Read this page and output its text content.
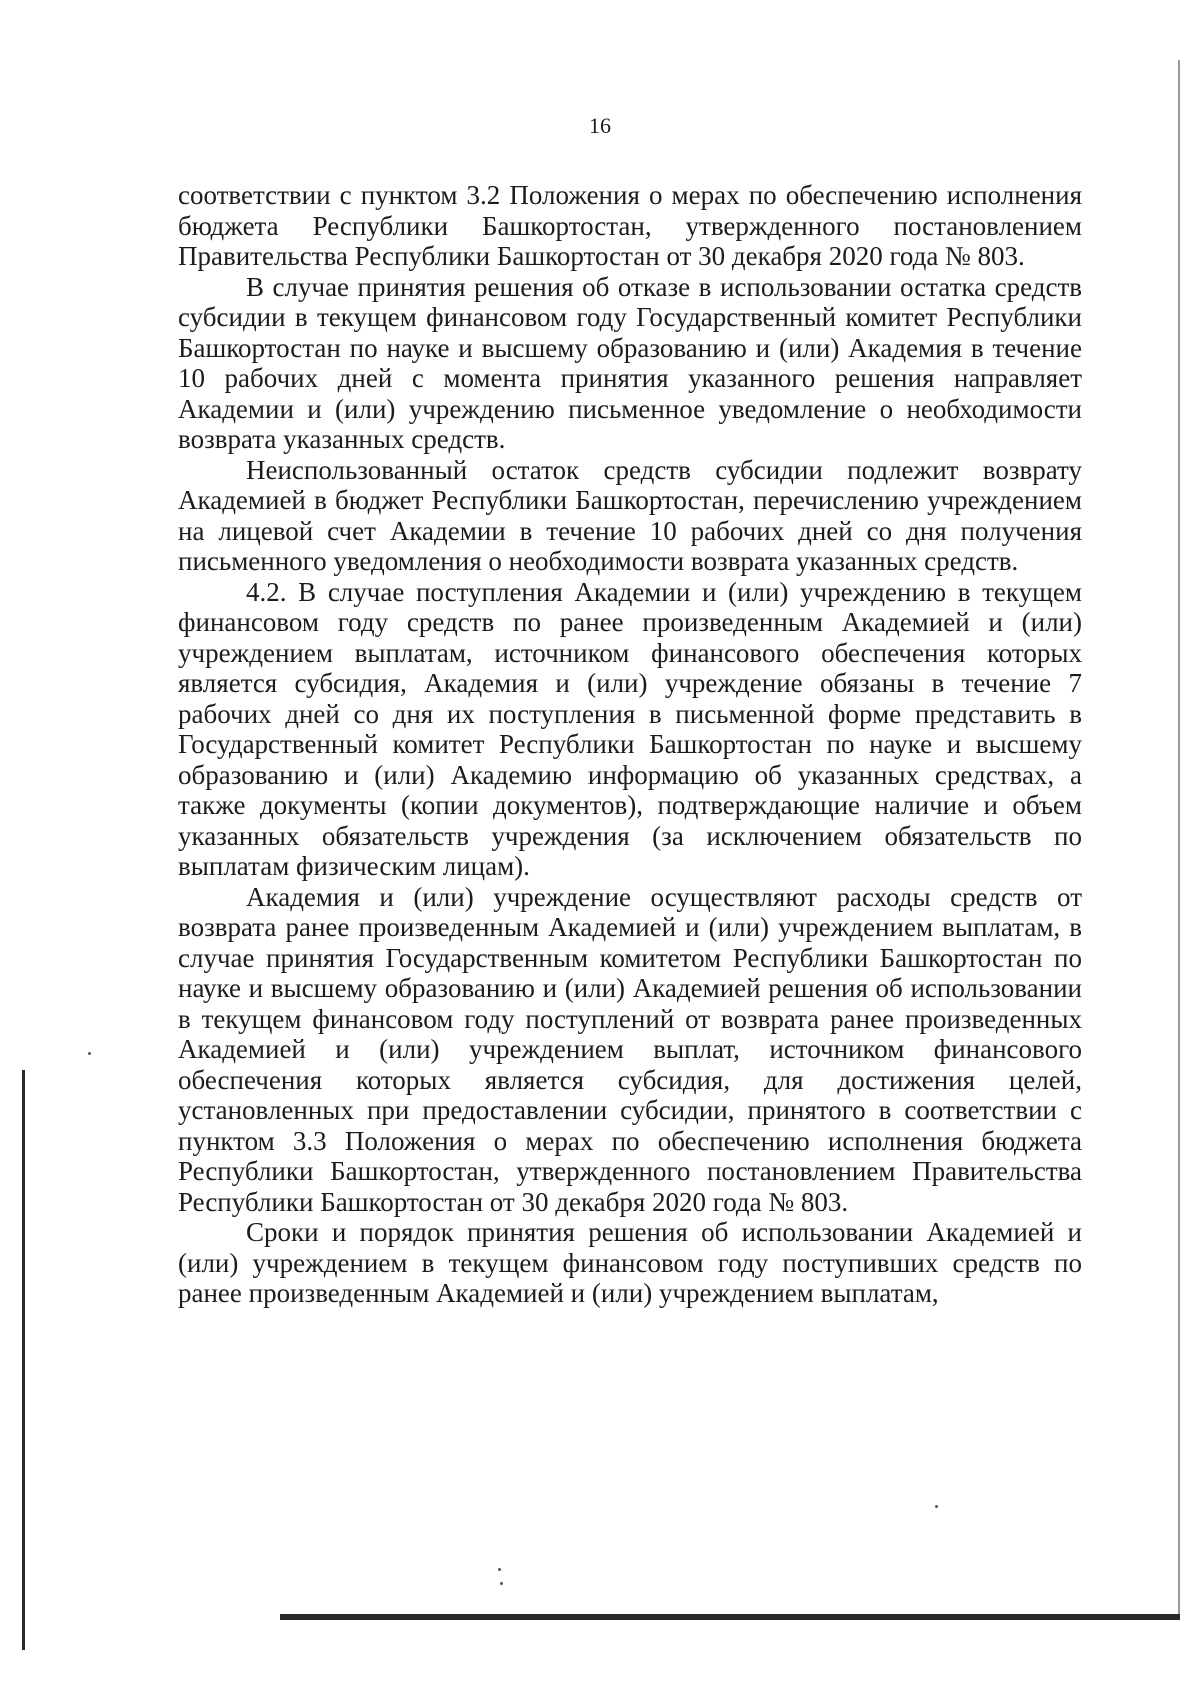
16

соответствии с пунктом 3.2 Положения о мерах по обеспечению исполнения бюджета Республики Башкортостан, утвержденного постановлением Правительства Республики Башкортостан от 30 декабря 2020 года № 803.

В случае принятия решения об отказе в использовании остатка средств субсидии в текущем финансовом году Государственный комитет Республики Башкортостан по науке и высшему образованию и (или) Академия в течение 10 рабочих дней с момента принятия указанного решения направляет Академии и (или) учреждению письменное уведомление о необходимости возврата указанных средств.

Неиспользованный остаток средств субсидии подлежит возврату Академией в бюджет Республики Башкортостан, перечислению учреждением на лицевой счет Академии в течение 10 рабочих дней со дня получения письменного уведомления о необходимости возврата указанных средств.

4.2. В случае поступления Академии и (или) учреждению в текущем финансовом году средств по ранее произведенным Академией и (или) учреждением выплатам, источником финансового обеспечения которых является субсидия, Академия и (или) учреждение обязаны в течение 7 рабочих дней со дня их поступления в письменной форме представить в Государственный комитет Республики Башкортостан по науке и высшему образованию и (или) Академию информацию об указанных средствах, а также документы (копии документов), подтверждающие наличие и объем указанных обязательств учреждения (за исключением обязательств по выплатам физическим лицам).

Академия и (или) учреждение осуществляют расходы средств от возврата ранее произведенным Академией и (или) учреждением выплатам, в случае принятия Государственным комитетом Республики Башкортостан по науке и высшему образованию и (или) Академией решения об использовании в текущем финансовом году поступлений от возврата ранее произведенных Академией и (или) учреждением выплат, источником финансового обеспечения которых является субсидия, для достижения целей, установленных при предоставлении субсидии, принятого в соответствии с пунктом 3.3 Положения о мерах по обеспечению исполнения бюджета Республики Башкортостан, утвержденного постановлением Правительства Республики Башкортостан от 30 декабря 2020 года № 803.

Сроки и порядок принятия решения об использовании Академией и (или) учреждением в текущем финансовом году поступивших средств по ранее произведенным Академией и (или) учреждением выплатам,
